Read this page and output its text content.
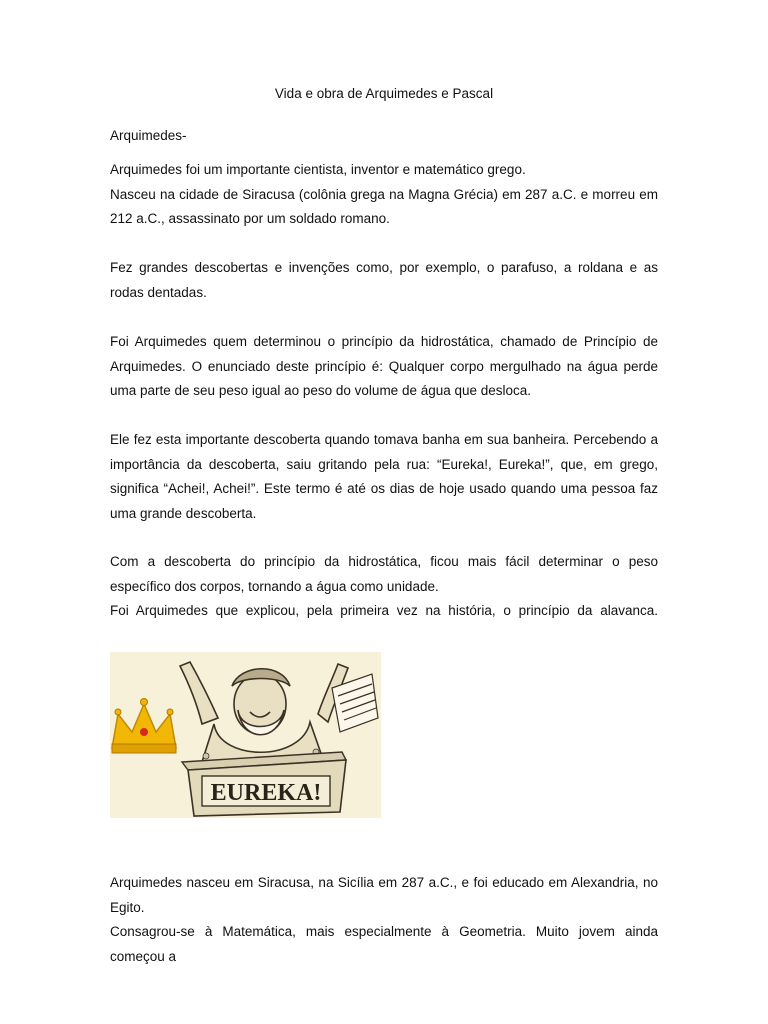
Vida e obra de Arquimedes e Pascal

Arquimedes-

Arquimedes foi um importante cientista, inventor e matemático grego.

Nasceu na cidade de Siracusa (colônia grega na Magna Grécia) em 287 a.C. e morreu em 212 a.C., assassinato por um soldado romano.

Fez grandes descobertas e invenções como, por exemplo, o parafuso, a roldana e as rodas dentadas.

Foi Arquimedes quem determinou o princípio da hidrostática, chamado de Princípio de Arquimedes. O enunciado deste princípio é: Qualquer corpo mergulhado na água perde uma parte de seu peso igual ao peso do volume de água que desloca.

Ele fez esta importante descoberta quando tomava banha em sua banheira. Percebendo a importância da descoberta, saiu gritando pela rua: “Eureka!, Eureka!”, que, em grego, significa “Achei!, Achei!”. Este termo é até os dias de hoje usado quando uma pessoa faz uma grande descoberta.

Com a descoberta do princípio da hidrostática, ficou mais fácil determinar o peso específico dos corpos, tornando a água como unidade.

Foi Arquimedes que explicou, pela primeira vez na história, o princípio da alavanca.

EUREKA!

Arquimedes nasceu em Siracusa, na Sicília em 287 a.C., e foi educado em Alexandria, no Egito.

Consagrou-se à Matemática, mais especialmente à Geometria. Muito jovem ainda começou a
